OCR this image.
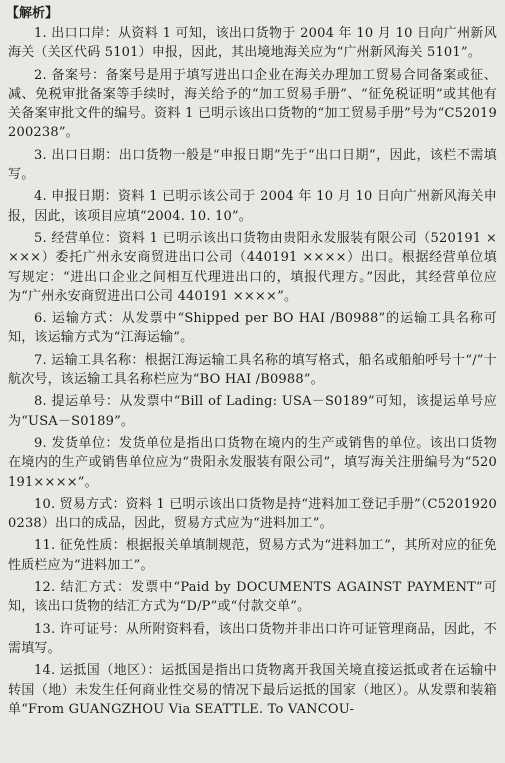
【解析】
1. 出口口岸：从资料 1 可知，该出口货物于 2004 年 10 月 10 日向广州新风海关（关区代码 5101）申报，因此，其出境地海关应为“广州新风海关 5101”。
2. 备案号：备案号是用于填写进出口企业在海关办理加工贸易合同备案或征、减、免税审批备案等手续时，海关给予的“加工贸易手册”、“征免税证明”或其他有关备案审批文件的编号。资料 1 已明示该出口货物的“加工贸易手册”号为“C52019200238”。
3. 出口日期：出口货物一般是“申报日期”先于“出口日期”，因此，该栏不需填写。
4. 申报日期：资料 1 已明示该公司于 2004 年 10 月 10 日向广州新风海关申报，因此，该项目应填“2004. 10. 10”。
5. 经营单位：资料 1 已明示该出口货物由贵阳永发服装有限公司（520191 ××××）委托广州永安商贸进出口公司（440191 ××××）出口。根据经营单位填写规定：“进出口企业之间相互代理进出口的，填报代理方。”因此，其经营单位应为“广州永安商贸进出口公司 440191 ××××”。
6. 运输方式：从发票中“Shipped per BO HAI /B0988”的运输工具名称可知，该运输方式为“江海运输”。
7. 运输工具名称：根据江海运输工具名称的填写格式，船名或船舶呼号十“/”十航次号，该运输工具名称栏应为“BO HAI /B0988”。
8. 提运单号：从发票中“Bill of Lading: USA－S0189”可知，该提运单号应为“USA－S0189”。
9. 发货单位：发货单位是指出口货物在境内的生产或销售的单位。该出口货物在境内的生产或销售单位应为“贵阳永发服装有限公司”，填写海关注册编号为“520191××××”。
10. 贸易方式：资料 1 已明示该出口货物是持“进料加工登记手册”（C52019200238）出口的成品，因此，贸易方式应为“进料加工”。
11. 征免性质：根据报关单填制规范，贸易方式为“进料加工”，其所对应的征免性质栏应为“进料加工”。
12. 结汇方式：发票中“Paid by DOCUMENTS AGAINST PAYMENT”可知，该出口货物的结汇方式为“D/P”或“付款交单”。
13. 许可证号：从所附资料看，该出口货物并非出口许可证管理商品，因此，不需填写。
14. 运抵国（地区）：运抵国是指出口货物离开我国关境直接运抵或者在运输中转国（地）未发生任何商业性交易的情况下最后运抵的国家（地区）。从发票和装箱单“From GUANGZHOU Via SEATTLE. To VANCOU-
